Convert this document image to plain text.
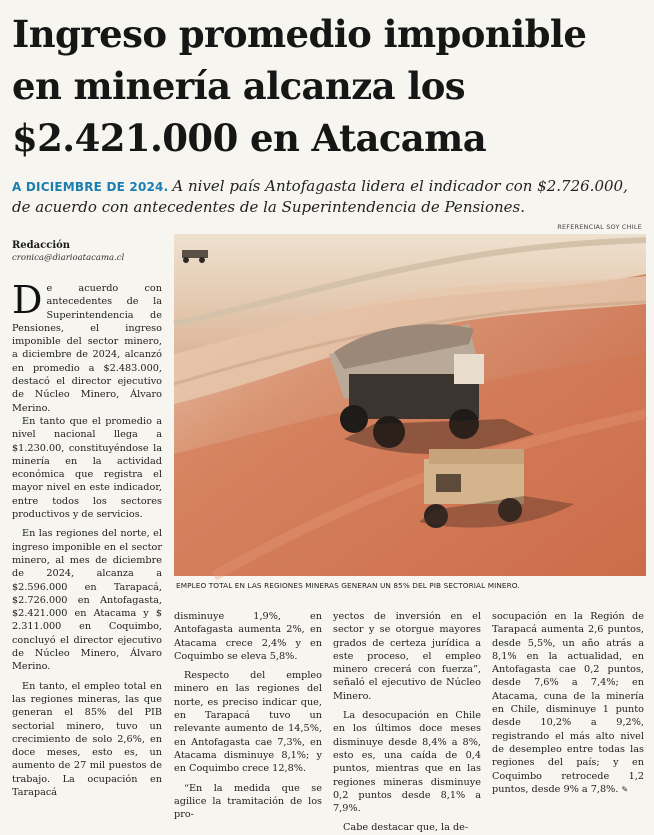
Ingreso promedio imponible
en minería alcanza los
$2.421.000 en Atacama
A DICIEMBRE DE 2024. A nivel país Antofagasta lidera el indicador con $2.726.000, de acuerdo con antecedentes de la Superintendencia de Pensiones.
REFERENCIAL SOY CHILE
Redacción
cronica@diarioatacama.cl
EMPLEO TOTAL EN LAS REGIONES MINERAS GENERAN UN 85% DEL PIB SECTORIAL MINERO.

De acuerdo con antecedentes de la Superintendencia de Pensiones, el ingreso imponible del sector minero, a diciembre de 2024, alcanzó en promedio a $2.483.000, destacó el director ejecutivo de Núcleo Minero, Álvaro Merino.

En tanto que el promedio a nivel nacional llega a $1.230.00, constituyéndose la minería en la actividad económica que registra el mayor nivel en este indicador, entre todos los sectores productivos y de servicios.

En las regiones del norte, el ingreso imponible en el sector minero, al mes de diciembre de 2024, alcanza a $2.596.000 en Tarapacá, $2.726.000 en Antofagasta, $2.421.000 en Atacama y $ 2.311.000 en Coquimbo, concluyó el director ejecutivo de Núcleo Minero, Álvaro Merino.

En tanto, el empleo total en las regiones mineras, las que generan el 85% del PIB sectorial minero, tuvo un crecimiento de solo 2,6%, en doce meses, esto es, un aumento de 27 mil puestos de trabajo. La ocupación en Tarapacá

disminuye 1,9%, en Antofagasta aumenta 2%, en Atacama crece 2,4% y en Coquimbo se eleva 5,8%.

Respecto del empleo minero en las regiones del norte, es preciso indicar que, en Tarapacá tuvo un relevante aumento de 14,5%, en Antofagasta cae 7,3%, en Atacama disminuye 8,1%; y en Coquimbo crece 12,8%.

“En la medida que se agilice la tramitación de los pro-

yectos de inversión en el sector y se otorgue mayores grados de certeza jurídica a este proceso, el empleo minero crecerá con fuerza”, señaló el ejecutivo de Núcleo Minero.

La desocupación en Chile en los últimos doce meses disminuye desde 8,4% a 8%, esto es, una caída de 0,4 puntos, mientras que en las regiones mineras disminuye 0,2 puntos desde 8,1% a 7,9%.

Cabe destacar que, la de-

socupación en la Región de Tarapacá aumenta 2,6 puntos, desde 5,5%, un año atrás a 8,1% en la actualidad, en Antofagasta cae 0,2 puntos, desde 7,6% a 7,4%; en Atacama, cuna de la minería en Chile, disminuye 1 punto desde 10,2% a 9,2%, registrando el más alto nivel de desempleo entre todas las regiones del país; y en Coquimbo retrocede 1,2 puntos, desde 9% a 7,8%. ✎
